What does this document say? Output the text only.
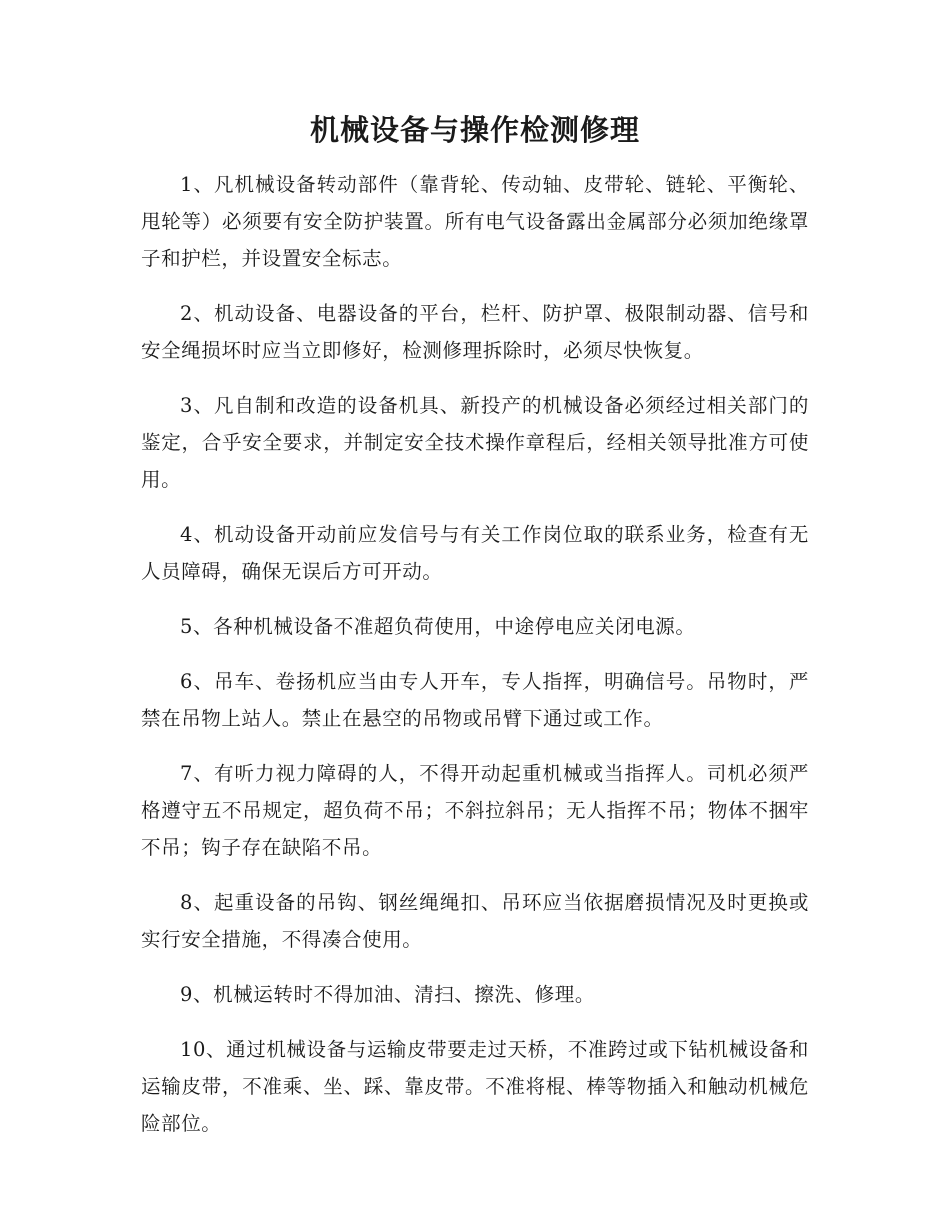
机械设备与操作检测修理

1、凡机械设备转动部件（靠背轮、传动轴、皮带轮、链轮、平衡轮、甩轮等）必须要有安全防护装置。所有电气设备露出金属部分必须加绝缘罩子和护栏，并设置安全标志。

2、机动设备、电器设备的平台，栏杆、防护罩、极限制动器、信号和安全绳损坏时应当立即修好，检测修理拆除时，必须尽快恢复。

3、凡自制和改造的设备机具、新投产的机械设备必须经过相关部门的鉴定，合乎安全要求，并制定安全技术操作章程后，经相关领导批准方可使用。

4、机动设备开动前应发信号与有关工作岗位取的联系业务，检查有无人员障碍，确保无误后方可开动。

5、各种机械设备不准超负荷使用，中途停电应关闭电源。

6、吊车、卷扬机应当由专人开车，专人指挥，明确信号。吊物时，严禁在吊物上站人。禁止在悬空的吊物或吊臂下通过或工作。

7、有听力视力障碍的人，不得开动起重机械或当指挥人。司机必须严格遵守五不吊规定，超负荷不吊；不斜拉斜吊；无人指挥不吊；物体不捆牢不吊；钩子存在缺陷不吊。

8、起重设备的吊钩、钢丝绳绳扣、吊环应当依据磨损情况及时更换或实行安全措施，不得凑合使用。

9、机械运转时不得加油、清扫、擦洗、修理。

10、通过机械设备与运输皮带要走过天桥，不准跨过或下钻机械设备和运输皮带，不准乘、坐、踩、靠皮带。不准将棍、棒等物插入和触动机械危险部位。
